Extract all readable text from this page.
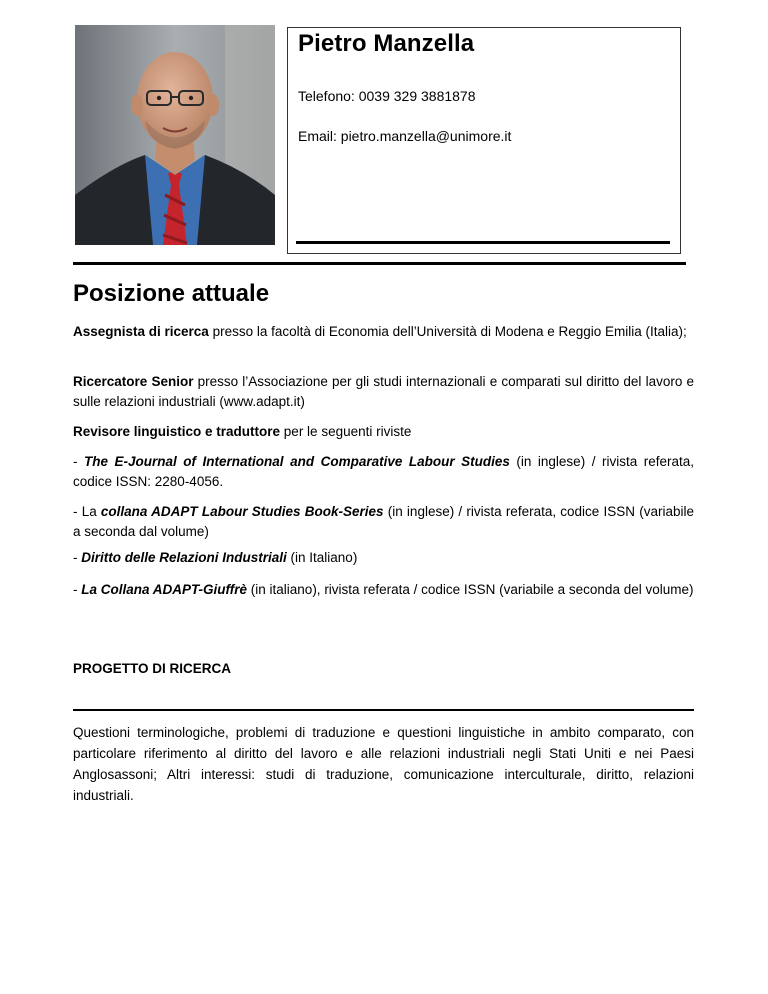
Pietro Manzella
Telefono: 0039 329 3881878
Email: pietro.manzella@unimore.it
Posizione attuale

Assegnista di ricerca presso la facoltà di Economia dell’Università di Modena e Reggio Emilia (Italia);

Ricercatore Senior presso l’Associazione per gli studi internazionali e comparati sul diritto del lavoro e sulle relazioni industriali (www.adapt.it)

Revisore linguistico e traduttore per le seguenti riviste

- The E-Journal of International and Comparative Labour Studies (in inglese) / rivista referata, codice ISSN: 2280-4056.

- La collana ADAPT Labour Studies Book-Series (in inglese) / rivista referata, codice ISSN (variabile a seconda dal volume)

- Diritto delle Relazioni Industriali (in Italiano)

- La Collana ADAPT-Giuffrè (in italiano), rivista referata / codice ISSN (variabile a seconda del volume)

PROGETTO DI RICERCA

Questioni terminologiche, problemi di traduzione e questioni linguistiche in ambito comparato, con particolare riferimento al diritto del lavoro e alle relazioni industriali negli Stati Uniti e nei Paesi Anglosassoni; Altri interessi: studi di traduzione, comunicazione interculturale, diritto, relazioni industriali.
